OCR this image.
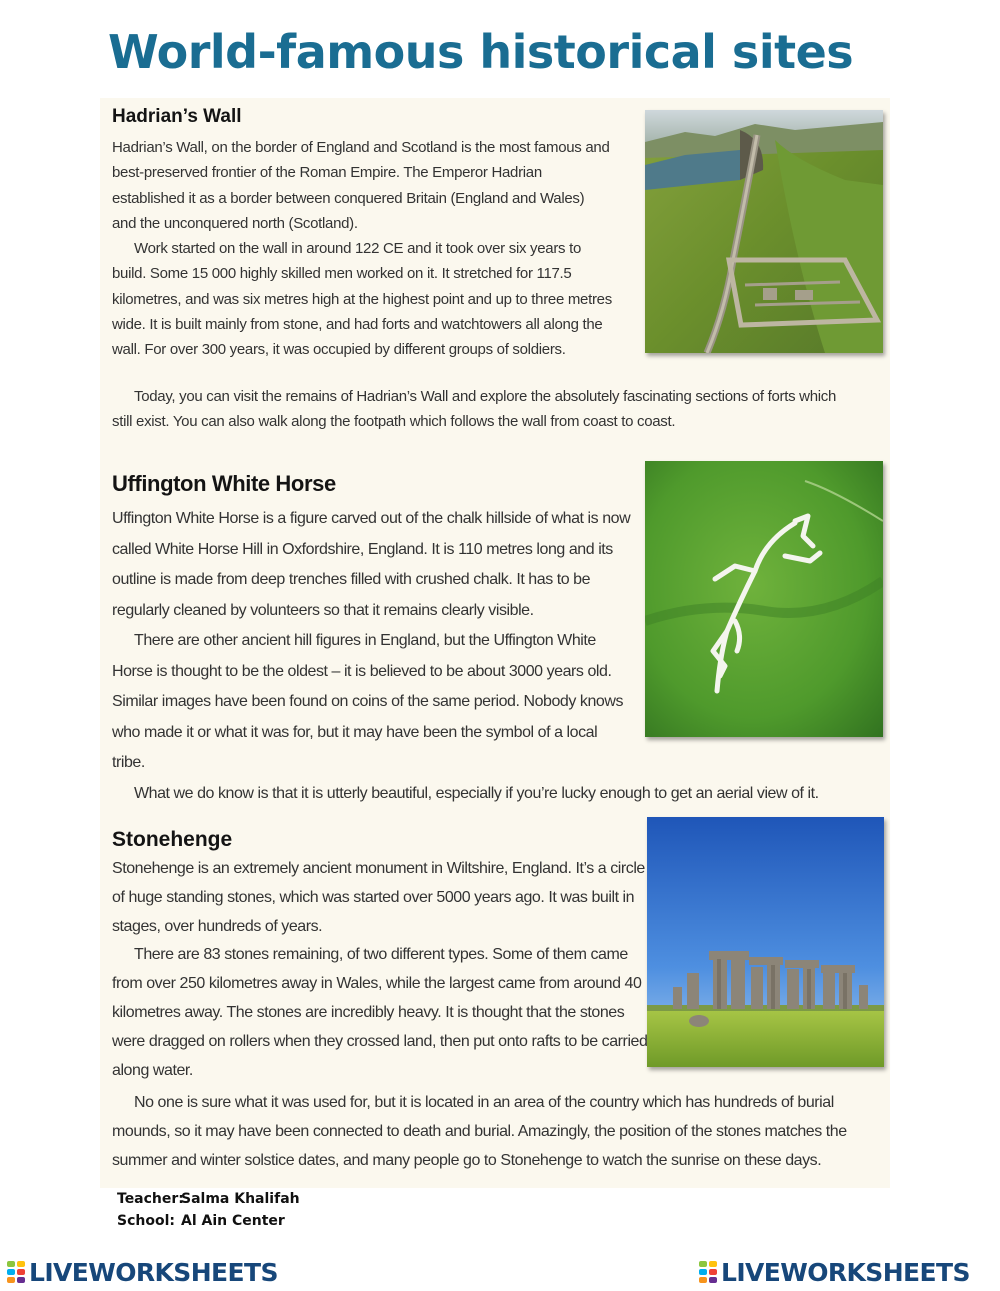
World-famous historical sites
Hadrian’s Wall

Hadrian’s Wall, on the border of England and Scotland is the most famous and best-preserved frontier of the Roman Empire. The Emperor Hadrian established it as a border between conquered Britain (England and Wales) and the unconquered north (Scotland).

Work started on the wall in around 122 CE and it took over six years to build. Some 15 000 highly skilled men worked on it. It stretched for 117.5 kilometres, and was six metres high at the highest point and up to three metres wide. It is built mainly from stone, and had forts and watchtowers all along the wall. For over 300 years, it was occupied by different groups of soldiers.

Today, you can visit the remains of Hadrian’s Wall and explore the absolutely fascinating sections of forts which still exist. You can also walk along the footpath which follows the wall from coast to coast.

Uffington White Horse

Uffington White Horse is a figure carved out of the chalk hillside of what is now called White Horse Hill in Oxfordshire, England. It is 110 metres long and its outline is made from deep trenches filled with crushed chalk. It has to be regularly cleaned by volunteers so that it remains clearly visible.

There are other ancient hill figures in England, but the Uffington White Horse is thought to be the oldest – it is believed to be about 3000 years old. Similar images have been found on coins of the same period. Nobody knows who made it or what it was for, but it may have been the symbol of a local tribe.

What we do know is that it is utterly beautiful, especially if you’re lucky enough to get an aerial view of it.

Stonehenge

Stonehenge is an extremely ancient monument in Wiltshire, England. It’s a circle of huge standing stones, which was started over 5000 years ago. It was built in stages, over hundreds of years.

There are 83 stones remaining, of two different types. Some of them came from over 250 kilometres away in Wales, while the largest came from around 40 kilometres away. The stones are incredibly heavy. It is thought that the stones were dragged on rollers when they crossed land, then put onto rafts to be carried along water.

No one is sure what it was used for, but it is located in an area of the country which has hundreds of burial mounds, so it may have been connected to death and burial. Amazingly, the position of the stones matches the summer and winter solstice dates, and many people go to Stonehenge to watch the sunrise on these days.

Teacher:Salma Khalifah
School: Al Ain Center
LIVEWORKSHEETS	LIVEWORKSHEETS
